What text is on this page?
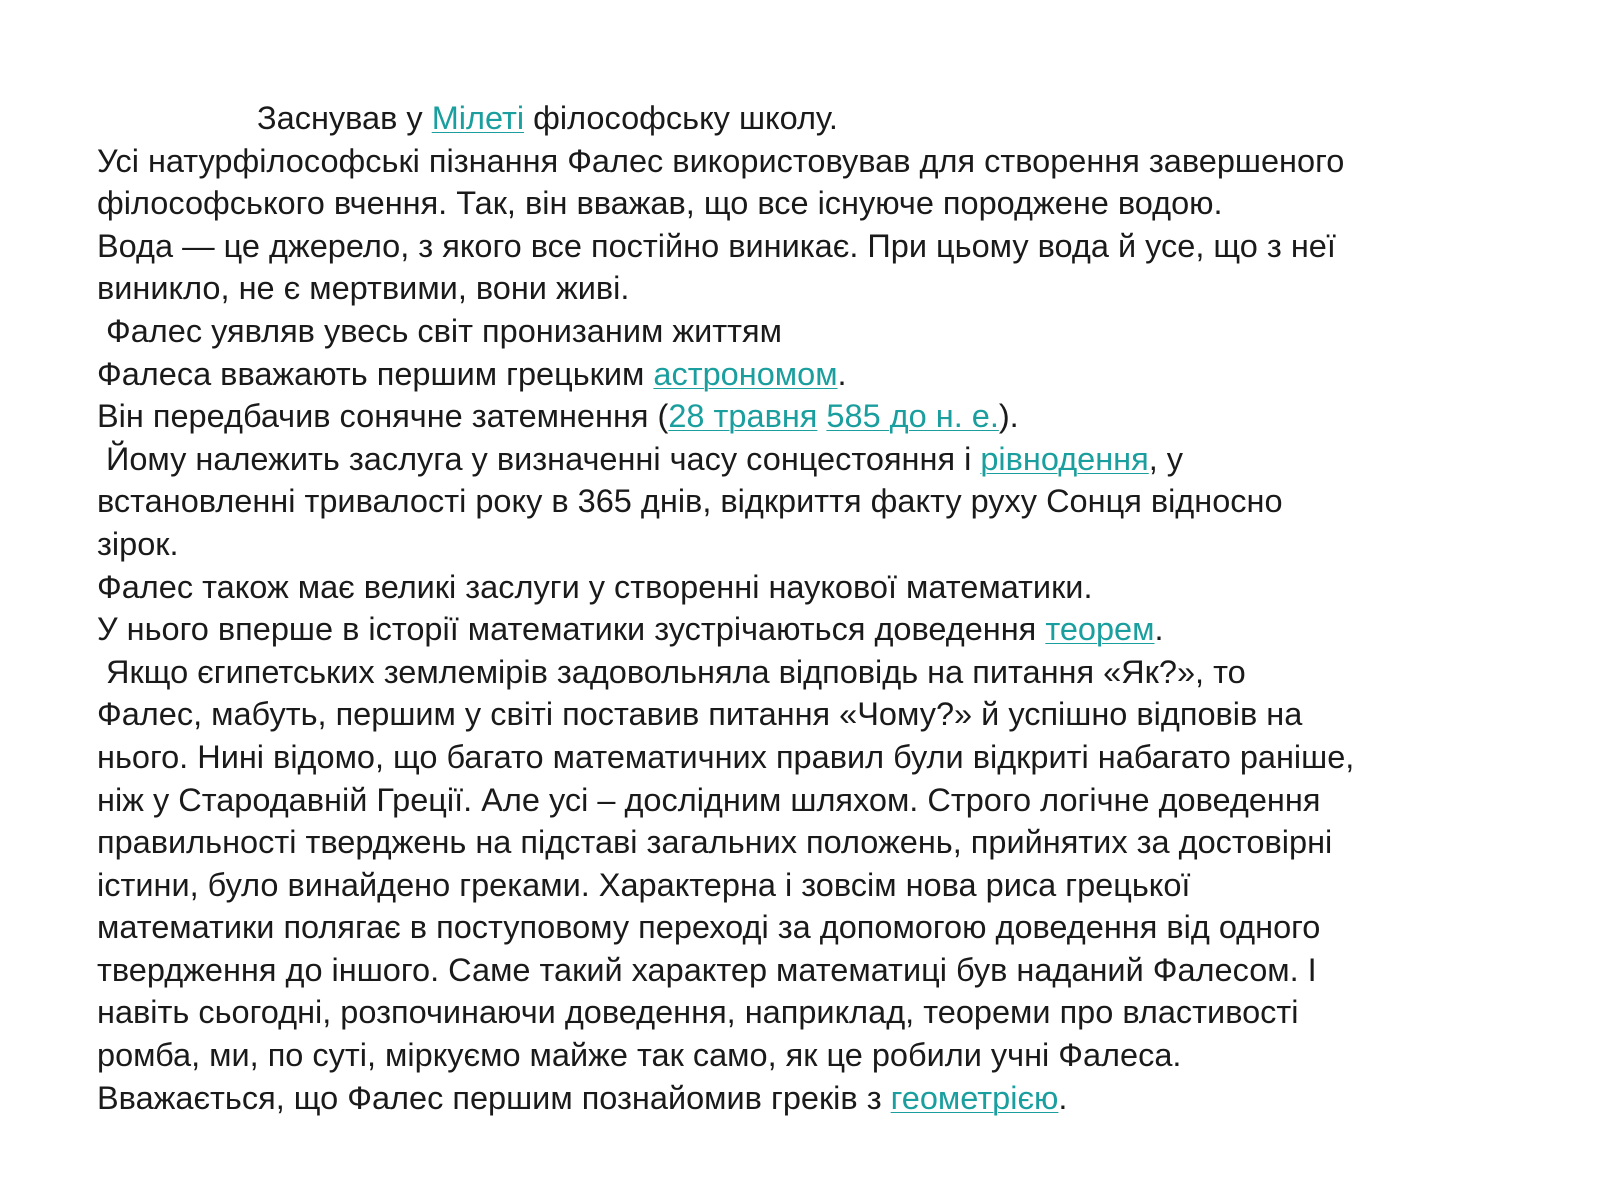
Заснував у Мілеті філософську школу.
Усі натурфілософські пізнання Фалес використовував для створення завершеного
філософського вчення. Так, він вважав, що все існуюче породжене водою.
Вода — це джерело, з якого все постійно виникає. При цьому вода й усе, що з неї
виникло, не є мертвими, вони живі.
Фалес уявляв увесь світ пронизаним життям
Фалеса вважають першим грецьким астрономом.
Він передбачив сонячне затемнення (28 травня 585 до н. е.).
Йому належить заслуга у визначенні часу сонцестояння і рівнодення, у
встановленні тривалості року в 365 днів, відкриття факту руху Сонця відносно
зірок.
Фалес також має великі заслуги у створенні наукової математики.
У нього вперше в історії математики зустрічаються доведення теорем.
Якщо єгипетських землемірів задовольняла відповідь на питання «Як?», то
Фалес, мабуть, першим у світі поставив питання «Чому?» й успішно відповів на
нього. Нині відомо, що багато математичних правил були відкриті набагато раніше,
ніж у Стародавній Греції. Але усі – дослідним шляхом. Строго логічне доведення
правильності тверджень на підставі загальних положень, прийнятих за достовірні
істини, було винайдено греками. Характерна і зовсім нова риса грецької
математики полягає в поступовому переході за допомогою доведення від одного
твердження до іншого. Саме такий характер математиці був наданий Фалесом. І
навіть сьогодні, розпочинаючи доведення, наприклад, теореми про властивості
ромба, ми, по суті, міркуємо майже так само, як це робили учні Фалеса.
Вважається, що Фалес першим познайомив греків з геометрією.
